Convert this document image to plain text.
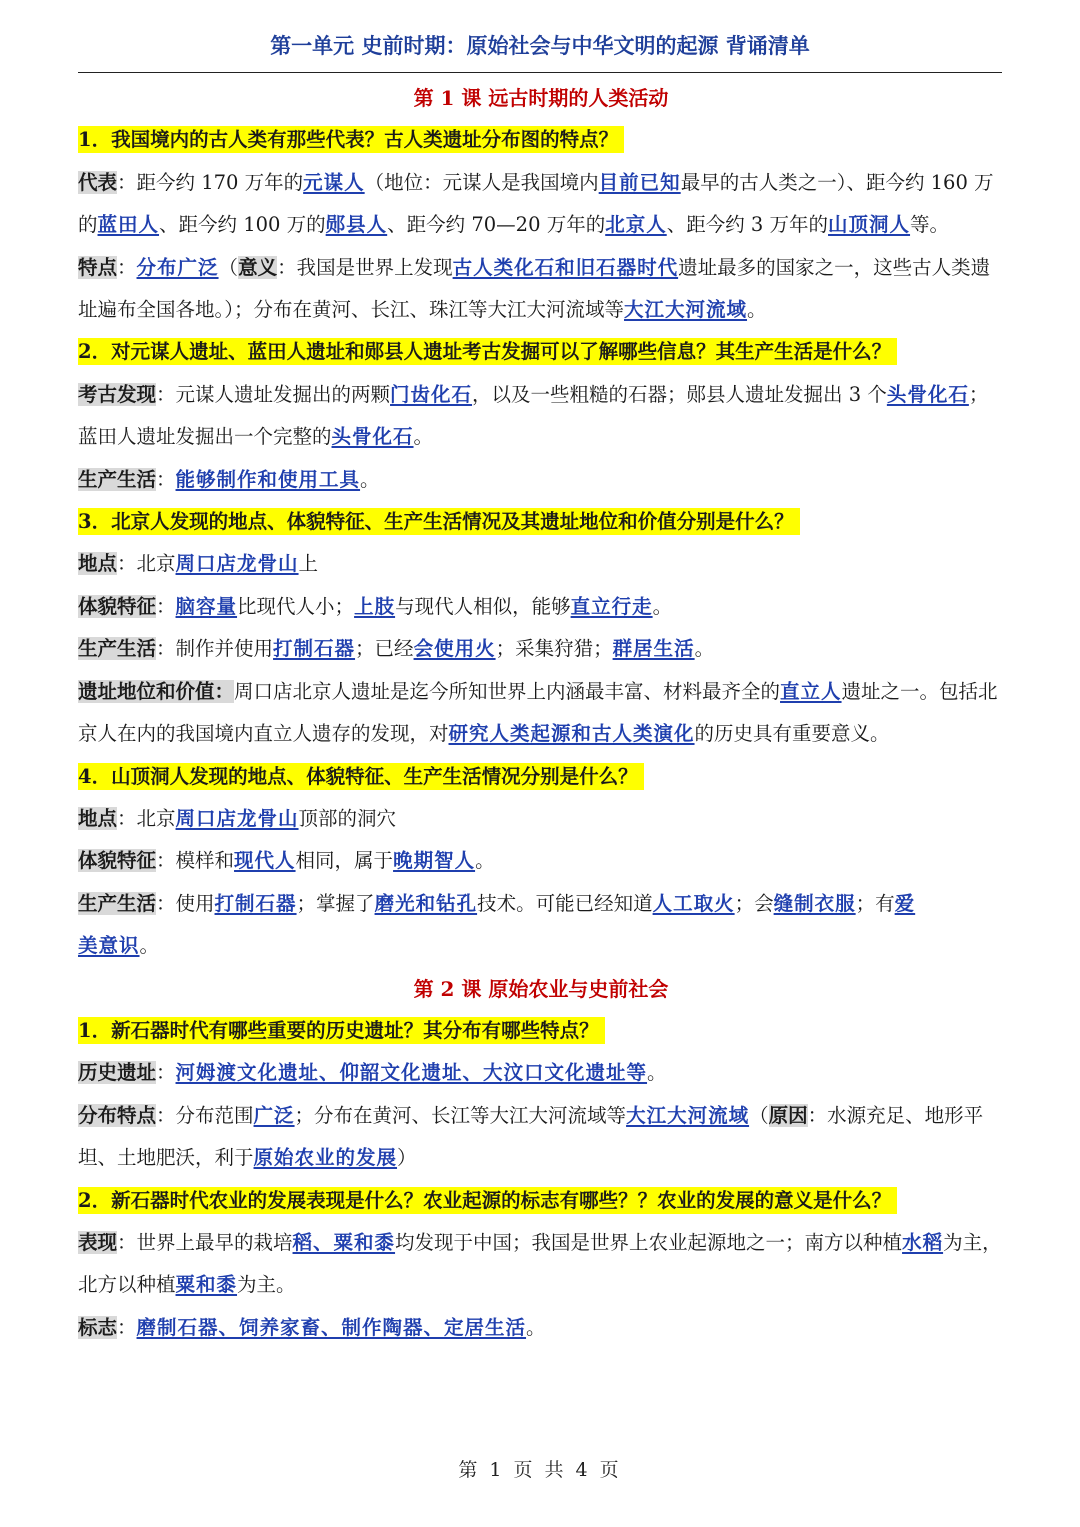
第一单元 史前时期：原始社会与中华文明的起源 背诵清单

第 1 课 远古时期的人类活动

1．我国境内的古人类有那些代表？古人类遗址分布图的特点？

代表：距今约 170 万年的元谋人（地位：元谋人是我国境内目前已知最早的古人类之一）、距今约 160 万的蓝田人、距今约 100 万的郧县人、距今约 70—20 万年的北京人、距今约 3 万年的山顶洞人等。

特点：分布广泛（意义：我国是世界上发现古人类化石和旧石器时代遗址最多的国家之一，这些古人类遗址遍布全国各地。）；分布在黄河、长江、珠江等大江大河流域等大江大河流域。

2．对元谋人遗址、蓝田人遗址和郧县人遗址考古发掘可以了解哪些信息？其生产生活是什么？

考古发现：元谋人遗址发掘出的两颗门齿化石，以及一些粗糙的石器；郧县人遗址发掘出 3 个头骨化石；蓝田人遗址发掘出一个完整的头骨化石。

生产生活：能够制作和使用工具。

3．北京人发现的地点、体貌特征、生产生活情况及其遗址地位和价值分别是什么？

地点：北京周口店龙骨山上

体貌特征：脑容量比现代人小；上肢与现代人相似，能够直立行走。

生产生活：制作并使用打制石器；已经会使用火；采集狩猎；群居生活。

遗址地位和价值：周口店北京人遗址是迄今所知世界上内涵最丰富、材料最齐全的直立人遗址之一。包括北京人在内的我国境内直立人遗存的发现，对研究人类起源和古人类演化的历史具有重要意义。

4．山顶洞人发现的地点、体貌特征、生产生活情况分别是什么？

地点：北京周口店龙骨山顶部的洞穴

体貌特征：模样和现代人相同，属于晚期智人。

生产生活：使用打制石器；掌握了磨光和钻孔技术。可能已经知道人工取火；会缝制衣服；有爱
美意识。

第 2 课 原始农业与史前社会

1．新石器时代有哪些重要的历史遗址？其分布有哪些特点？

历史遗址：河姆渡文化遗址、仰韶文化遗址、大汶口文化遗址等。

分布特点：分布范围广泛；分布在黄河、长江等大江大河流域等大江大河流域（原因：水源充足、地形平坦、土地肥沃，利于原始农业的发展）

2．新石器时代农业的发展表现是什么？农业起源的标志有哪些？？农业的发展的意义是什么？

表现：世界上最早的栽培稻、粟和黍均发现于中国；我国是世界上农业起源地之一；南方以种植水稻为主，北方以种植粟和黍为主。

标志：磨制石器、饲养家畜、制作陶器、定居生活。

第 1 页 共 4 页
